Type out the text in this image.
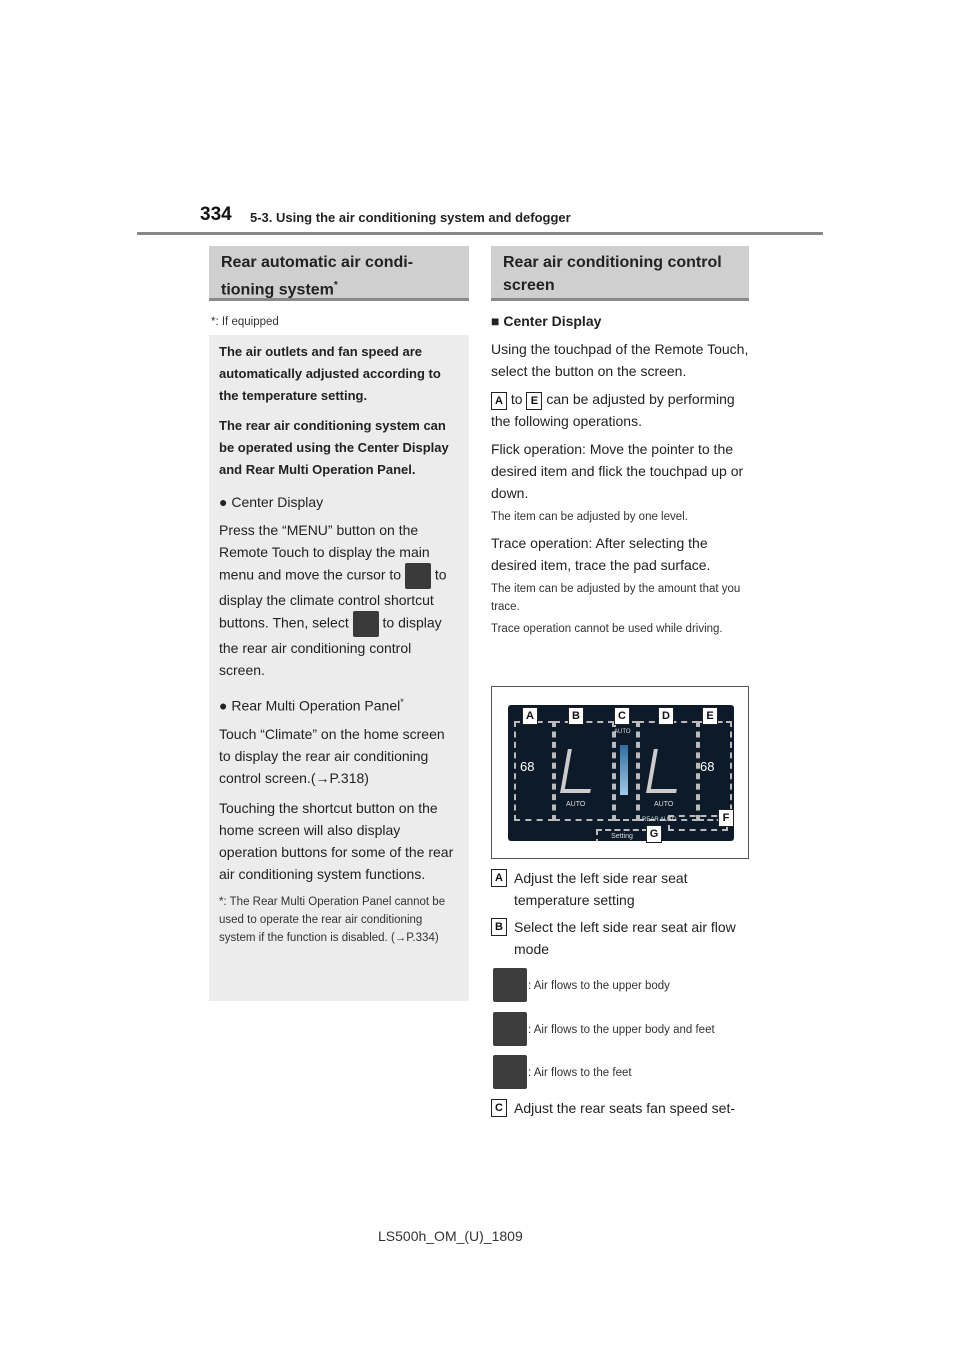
334 5-3. Using the air conditioning system and defogger
Rear automatic air condi-
tioning system*
*: If equipped

The air outlets and fan speed are automatically adjusted according to the temperature setting.

The rear air conditioning system can be operated using the Center Display and Rear Multi Operation Panel.

● Center Display

Press the “MENU” button on the Remote Touch to display the main menu and move the cursor to to display the climate control shortcut buttons. Then, select to display the rear air conditioning control screen.

● Rear Multi Operation Panel*

Touch “Climate” on the home screen to display the rear air conditioning control screen.(→P.318)

Touching the shortcut button on the home screen will also display operation buttons for some of the rear air conditioning system functions.

*: The Rear Multi Operation Panel cannot be used to operate the rear air conditioning system if the function is disabled. (→P.334)

Rear air conditioning control
screen

■ Center Display

Using the touchpad of the Remote Touch, select the button on the screen.

A to E can be adjusted by performing the following operations.

Flick operation: Move the pointer to the desired item and flick the touchpad up or down.

The item can be adjusted by one level.

Trace operation: After selecting the desired item, trace the pad surface.

The item can be adjusted by the amount that you trace.

Trace operation cannot be used while driving.

68
AUTO
AUTO
AUTO
68
REAR AUTO
Setting
A	B	C	D	E
F
G
A Adjust the left side rear seat temperature setting
B Select the left side rear seat air flow mode
: Air flows to the upper body
: Air flows to the upper body and feet
: Air flows to the feet
C Adjust the rear seats fan speed set-
LS500h_OM_(U)_1809
